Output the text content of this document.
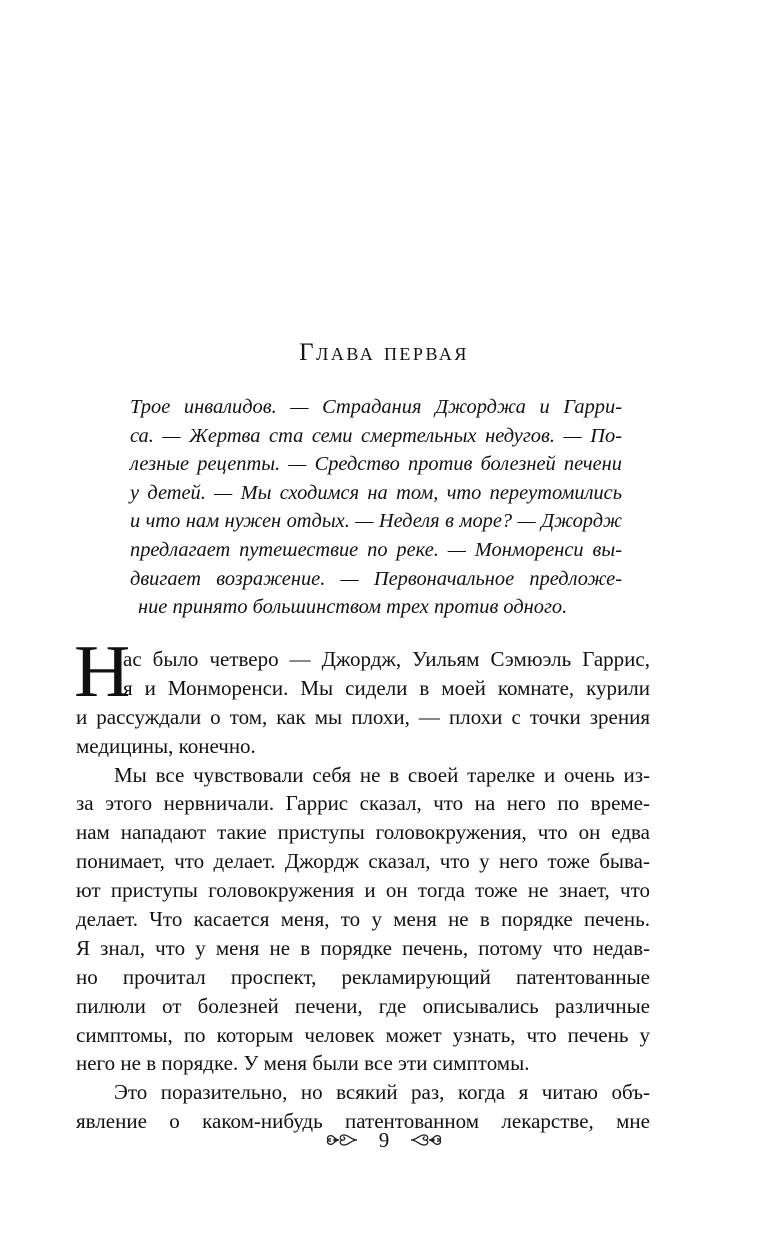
Глава первая
Трое инвалидов. — Страдания Джорджа и Гарри-
са. — Жертва ста семи смертельных недугов. — По-
лезные рецепты. — Средство против болезней печени
у детей. — Мы сходимся на том, что переутомились
и что нам нужен отдых. — Неделя в море? — Джордж
предлагает путешествие по реке. — Монморенси вы-
двигает возражение. — Первоначальное предложе-
ние принято большинством трех против одного.
Н
ас было четверо — Джордж, Уильям Сэмюэль Гаррис,
я и Монморенси. Мы сидели в моей комнате, курили
и рассуждали о том, как мы плохи, — плохи с точки зрения
медицины, конечно.
Мы все чувствовали себя не в своей тарелке и очень из-
за этого нервничали. Гаррис сказал, что на него по време-
нам нападают такие приступы головокружения, что он едва
понимает, что делает. Джордж сказал, что у него тоже быва-
ют приступы головокружения и он тогда тоже не знает, что
делает. Что касается меня, то у меня не в порядке печень.
Я знал, что у меня не в порядке печень, потому что недав-
но прочитал проспект, рекламирующий патентованные
пилюли от болезней печени, где описывались различные
симптомы, по которым человек может узнать, что печень у
него не в порядке. У меня были все эти симптомы.
Это поразительно, но всякий раз, когда я читаю объ-
явление о каком-нибудь патентованном лекарстве, мне
9
